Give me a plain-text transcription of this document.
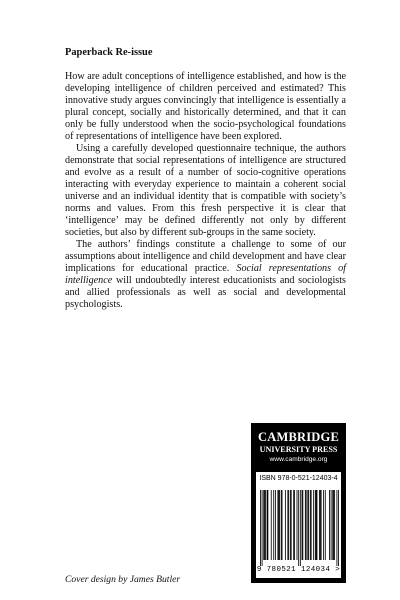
Paperback Re-issue

How are adult conceptions of intelligence established, and how is the developing intelligence of children perceived and estimated? This innovative study argues convincingly that intelligence is essentially a plural concept, socially and historically determined, and that it can only be fully understood when the socio-psychological foundations of representations of intelligence have been explored.

Using a carefully developed questionnaire technique, the authors demonstrate that social representations of intelligence are structured and evolve as a result of a number of socio-cognitive operations interacting with everyday experience to maintain a coherent social universe and an individual identity that is compatible with society’s norms and values. From this fresh perspective it is clear that ‘intelligence’ may be defined differently not only by different societies, but also by different sub-groups in the same society.

The authors’ findings constitute a challenge to some of our assumptions about intelligence and child development and have clear implications for educational practice. Social representations of intelligence will undoubtedly interest educationists and sociologists and allied professionals as well as social and developmental psychologists.

CAMBRIDGE
UNIVERSITY PRESS
www.cambridge.org
ISBN 978-0-521-12403-4
9 780521 124034 >
Cover design by James Butler
